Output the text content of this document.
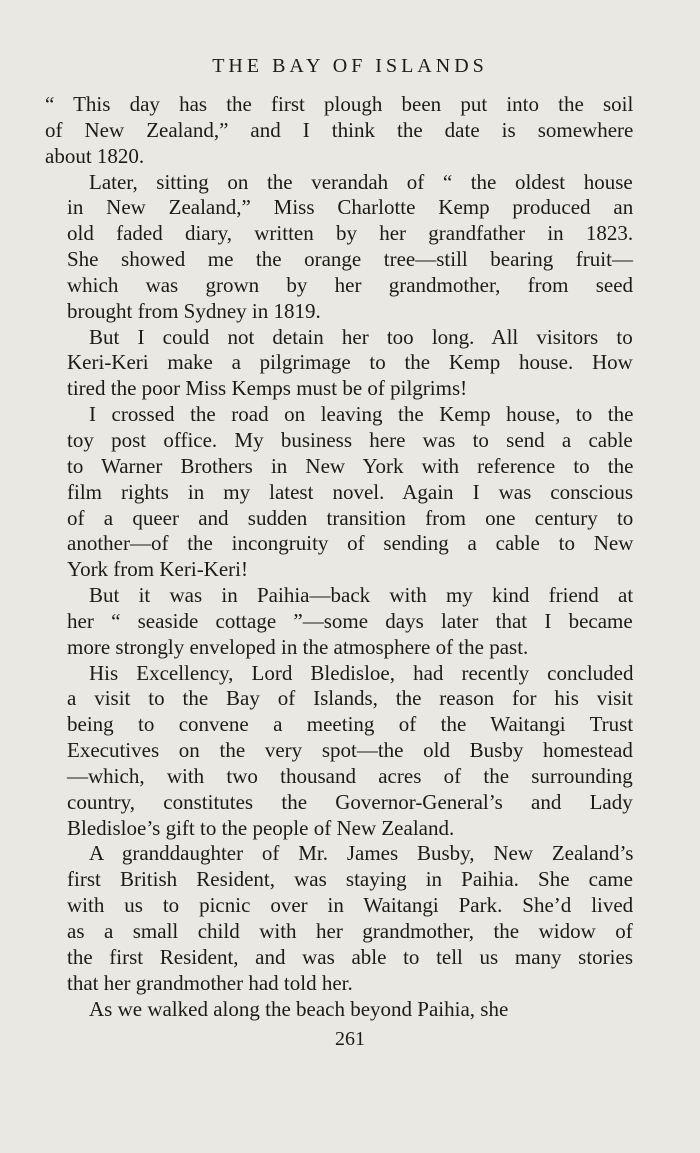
THE BAY OF ISLANDS

“ This day has the first plough been put into the soil
of New Zealand,” and I think the date is somewhere
about 1820.

Later, sitting on the verandah of “ the oldest house
in New Zealand,” Miss Charlotte Kemp produced an
old faded diary, written by her grandfather in 1823.
She showed me the orange tree—still bearing fruit—
which was grown by her grandmother, from seed
brought from Sydney in 1819.

But I could not detain her too long. All visitors to
Keri-Keri make a pilgrimage to the Kemp house. How
tired the poor Miss Kemps must be of pilgrims!

I crossed the road on leaving the Kemp house, to the
toy post office. My business here was to send a cable
to Warner Brothers in New York with reference to the
film rights in my latest novel. Again I was conscious
of a queer and sudden transition from one century to
another—of the incongruity of sending a cable to New
York from Keri-Keri!

But it was in Paihia—back with my kind friend at
her “ seaside cottage ”—some days later that I became
more strongly enveloped in the atmosphere of the past.

His Excellency, Lord Bledisloe, had recently concluded
a visit to the Bay of Islands, the reason for his visit
being to convene a meeting of the Waitangi Trust
Executives on the very spot—the old Busby homestead
—which, with two thousand acres of the surrounding
country, constitutes the Governor-General’s and Lady
Bledisloe’s gift to the people of New Zealand.

A granddaughter of Mr. James Busby, New Zealand’s
first British Resident, was staying in Paihia. She came
with us to picnic over in Waitangi Park. She’d lived
as a small child with her grandmother, the widow of
the first Resident, and was able to tell us many stories
that her grandmother had told her.

As we walked along the beach beyond Paihia, she

261
